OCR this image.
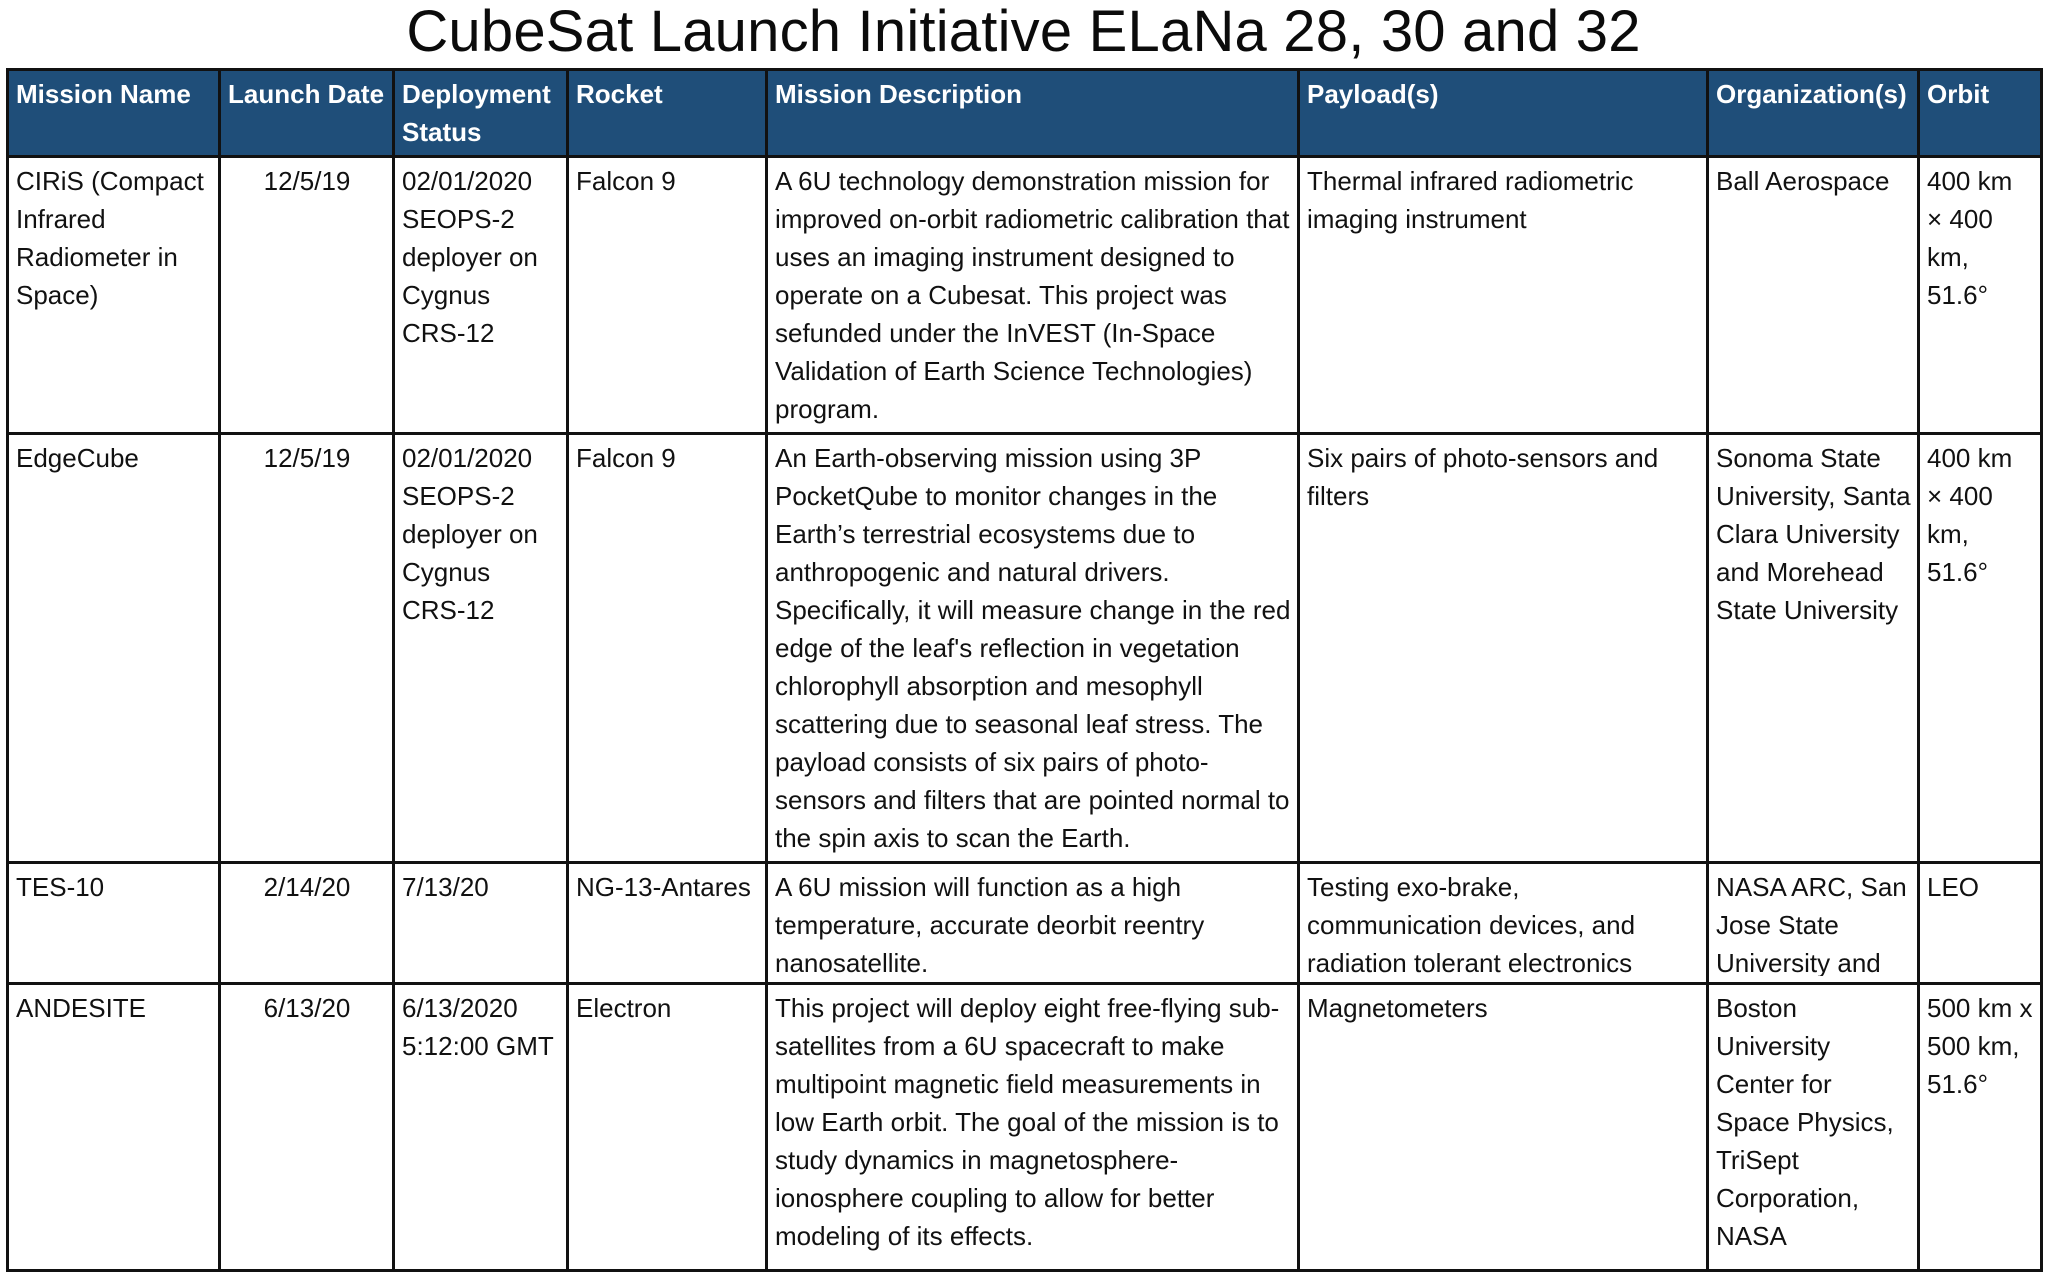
CubeSat Launch Initiative ELaNa 28, 30 and 32
Mission Name	Launch Date	Deployment Status	Rocket	Mission Description	Payload(s)	Organization(s)	Orbit
CIRiS (Compact Infrared Radiometer in Space)	12/5/19	02/01/2020 SEOPS-2 deployer on Cygnus CRS-12	Falcon 9	A 6U technology demonstration mission for improved on-orbit radiometric calibration that uses an imaging instrument designed to operate on a Cubesat. This project was sefunded under the InVEST (In-Space Validation of Earth Science Technologies) program.	Thermal infrared radiometric imaging instrument	Ball Aerospace	400 km × 400 km, 51.6°
EdgeCube	12/5/19	02/01/2020 SEOPS-2 deployer on Cygnus CRS-12	Falcon 9	An Earth-observing mission using 3P PocketQube to monitor changes in the Earth’s terrestrial ecosystems due to anthropogenic and natural drivers. Specifically, it will measure change in the red edge of the leaf's reflection in vegetation chlorophyll absorption and mesophyll scattering due to seasonal leaf stress. The payload consists of six pairs of photo-sensors and filters that are pointed normal to the spin axis to scan the Earth.	Six pairs of photo-sensors and filters	Sonoma State University, Santa Clara University and Morehead State University	400 km × 400 km, 51.6°
TES-10	2/14/20	7/13/20	NG-13-Antares	A 6U mission will function as a high temperature, accurate deorbit reentry nanosatellite.	Testing exo-brake, communication devices, and radiation tolerant electronics	NASA ARC, San Jose State University and	LEO
ANDESITE	6/13/20	6/13/2020 5:12:00 GMT	Electron	This project will deploy eight free-flying sub-satellites from a 6U spacecraft to make multipoint magnetic field measurements in low Earth orbit. The goal of the mission is to study dynamics in magnetosphere-ionosphere coupling to allow for better modeling of its effects.	Magnetometers	Boston University Center for Space Physics, TriSept Corporation, NASA	500 km x 500 km, 51.6°
